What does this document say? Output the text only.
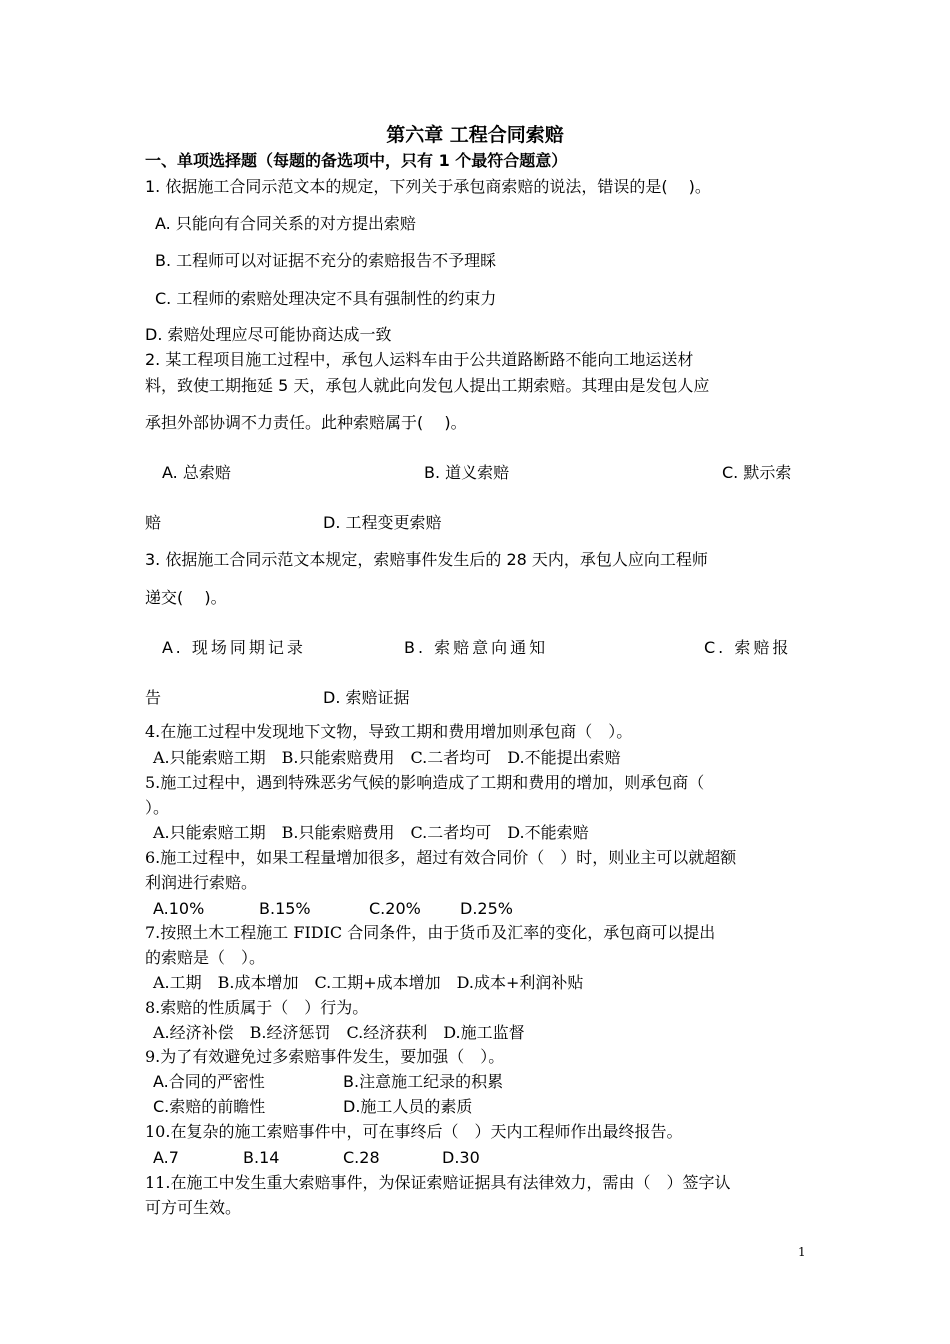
第六章 工程合同索赔
一、单项选择题（每题的备选项中，只有 1 个最符合题意）
1. 依据施工合同示范文本的规定，下列关于承包商索赔的说法，错误的是(　 )。
A. 只能向有合同关系的对方提出索赔
B. 工程师可以对证据不充分的索赔报告不予理睬
C. 工程师的索赔处理决定不具有强制性的约束力
D. 索赔处理应尽可能协商达成一致
2. 某工程项目施工过程中，承包人运料车由于公共道路断路不能向工地运送材
料，致使工期拖延 5 天，承包人就此向发包人提出工期索赔。其理由是发包人应
承担外部协调不力责任。此种索赔属于(　 )。
A. 总索赔	B. 道义索赔	C. 默示索
赔	D. 工程变更索赔
3. 依据施工合同示范文本规定，索赔事件发生后的 28 天内，承包人应向工程师
递交(　 )。
A. 现场同期记录	B. 索赔意向通知	C. 索赔报
告	D. 索赔证据
4.在施工过程中发现地下文物，导致工期和费用增加则承包商（　）。
A.只能索赔工期　B.只能索赔费用　C.二者均可　D.不能提出索赔
5.施工过程中，遇到特殊恶劣气候的影响造成了工期和费用的增加，则承包商（
）。
A.只能索赔工期　B.只能索赔费用　C.二者均可　D.不能索赔
6.施工过程中，如果工程量增加很多，超过有效合同价（　）时，则业主可以就超额
利润进行索赔。
A.10%	B.15%	C.20% D.25%
7.按照土木工程施工 FIDIC 合同条件，由于货币及汇率的变化，承包商可以提出
的索赔是（　）。
A.工期　B.成本增加　C.工期+成本增加　D.成本+利润补贴
8.索赔的性质属于（　）行为。
A.经济补偿　B.经济惩罚　C.经济获利　D.施工监督
9.为了有效避免过多索赔事件发生，要加强（　）。
A.合同的严密性	B.注意施工纪录的积累
C.索赔的前瞻性	D.施工人员的素质
10.在复杂的施工索赔事件中，可在事终后（　）天内工程师作出最终报告。
A.7	B.14	C.28	D.30
11.在施工中发生重大索赔事件，为保证索赔证据具有法律效力，需由（　）签字认
可方可生效。
1
